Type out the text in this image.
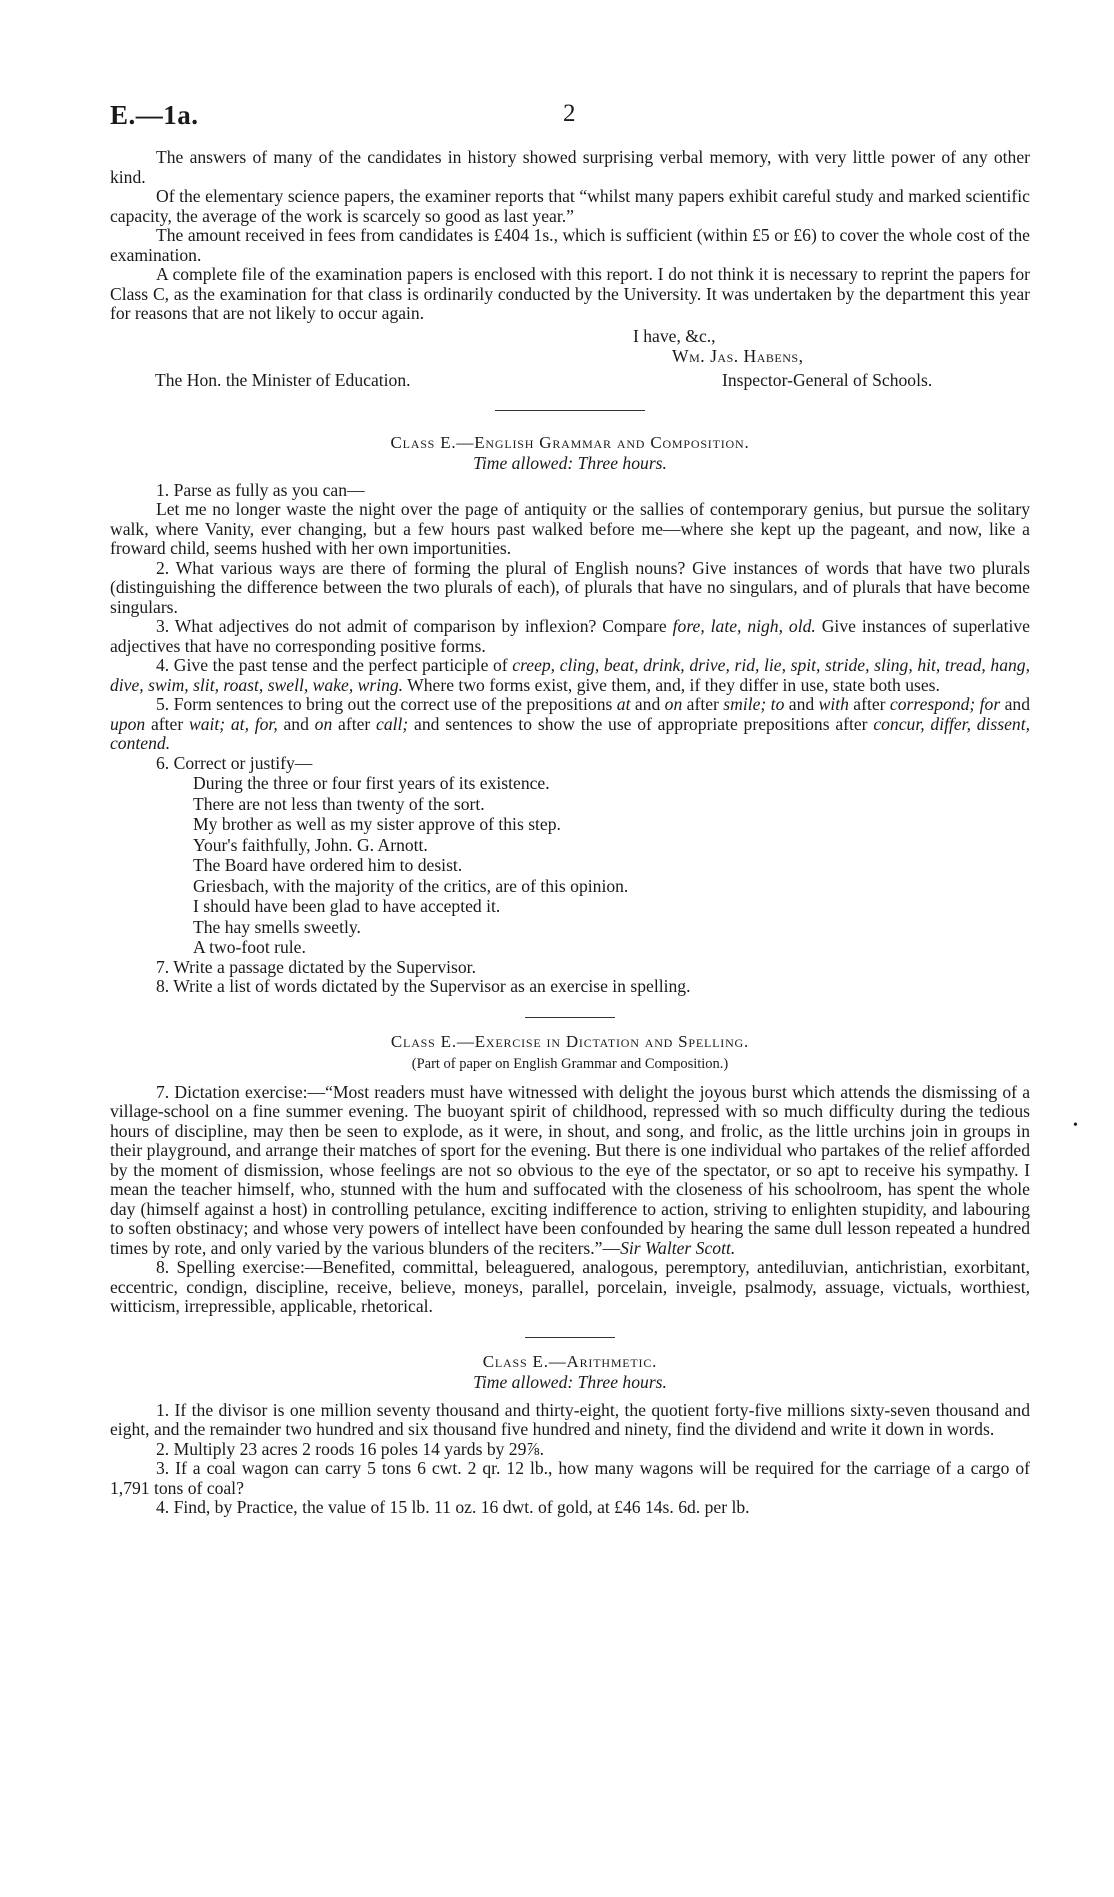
E.—1a.	2

The answers of many of the candidates in history showed surprising verbal memory, with very little power of any other kind.

Of the elementary science papers, the examiner reports that “whilst many papers exhibit careful study and marked scientific capacity, the average of the work is scarcely so good as last year.”

The amount received in fees from candidates is £404 1s., which is sufficient (within £5 or £6) to cover the whole cost of the examination.

A complete file of the examination papers is enclosed with this report. I do not think it is necessary to reprint the papers for Class C, as the examination for that class is ordinarily conducted by the University. It was undertaken by the department this year for reasons that are not likely to occur again.

I have, &c.,
Wm. Jas. Habens,
The Hon. the Minister of Education.	Inspector-General of Schools.
Class E.—English Grammar and Composition.
Time allowed: Three hours.

1. Parse as fully as you can—

Let me no longer waste the night over the page of antiquity or the sallies of contemporary genius, but pursue the solitary walk, where Vanity, ever changing, but a few hours past walked before me—where she kept up the pageant, and now, like a froward child, seems hushed with her own importunities.

2. What various ways are there of forming the plural of English nouns? Give instances of words that have two plurals (distinguishing the difference between the two plurals of each), of plurals that have no singulars, and of plurals that have become singulars.

3. What adjectives do not admit of comparison by inflexion? Compare fore, late, nigh, old. Give instances of superlative adjectives that have no corresponding positive forms.

4. Give the past tense and the perfect participle of creep, cling, beat, drink, drive, rid, lie, spit, stride, sling, hit, tread, hang, dive, swim, slit, roast, swell, wake, wring. Where two forms exist, give them, and, if they differ in use, state both uses.

5. Form sentences to bring out the correct use of the prepositions at and on after smile; to and with after correspond; for and upon after wait; at, for, and on after call; and sentences to show the use of appropriate prepositions after concur, differ, dissent, contend.

6. Correct or justify—

During the three or four first years of its existence.
There are not less than twenty of the sort.
My brother as well as my sister approve of this step.
Your's faithfully, John. G. Arnott.
The Board have ordered him to desist.
Griesbach, with the majority of the critics, are of this opinion.
I should have been glad to have accepted it.
The hay smells sweetly.
A two-foot rule.

7. Write a passage dictated by the Supervisor.

8. Write a list of words dictated by the Supervisor as an exercise in spelling.

Class E.—Exercise in Dictation and Spelling.
(Part of paper on English Grammar and Composition.)

7. Dictation exercise:—“Most readers must have witnessed with delight the joyous burst which attends the dismissing of a village-school on a fine summer evening. The buoyant spirit of childhood, repressed with so much difficulty during the tedious hours of discipline, may then be seen to explode, as it were, in shout, and song, and frolic, as the little urchins join in groups in their playground, and arrange their matches of sport for the evening. But there is one individual who partakes of the relief afforded by the moment of dismission, whose feelings are not so obvious to the eye of the spectator, or so apt to receive his sympathy. I mean the teacher himself, who, stunned with the hum and suffocated with the closeness of his schoolroom, has spent the whole day (himself against a host) in controlling petulance, exciting indifference to action, striving to enlighten stupidity, and labouring to soften obstinacy; and whose very powers of intellect have been confounded by hearing the same dull lesson repeated a hundred times by rote, and only varied by the various blunders of the reciters.”—Sir Walter Scott.

8. Spelling exercise:—Benefited, committal, beleaguered, analogous, peremptory, antediluvian, antichristian, exorbitant, eccentric, condign, discipline, receive, believe, moneys, parallel, porcelain, inveigle, psalmody, assuage, victuals, worthiest, witticism, irrepressible, applicable, rhetorical.

Class E.—Arithmetic.
Time allowed: Three hours.

1. If the divisor is one million seventy thousand and thirty-eight, the quotient forty-five millions sixty-seven thousand and eight, and the remainder two hundred and six thousand five hundred and ninety, find the dividend and write it down in words.

2. Multiply 23 acres 2 roods 16 poles 14 yards by 29⅞.

3. If a coal wagon can carry 5 tons 6 cwt. 2 qr. 12 lb., how many wagons will be required for the carriage of a cargo of 1,791 tons of coal?

4. Find, by Practice, the value of 15 lb. 11 oz. 16 dwt. of gold, at £46 14s. 6d. per lb.

•
